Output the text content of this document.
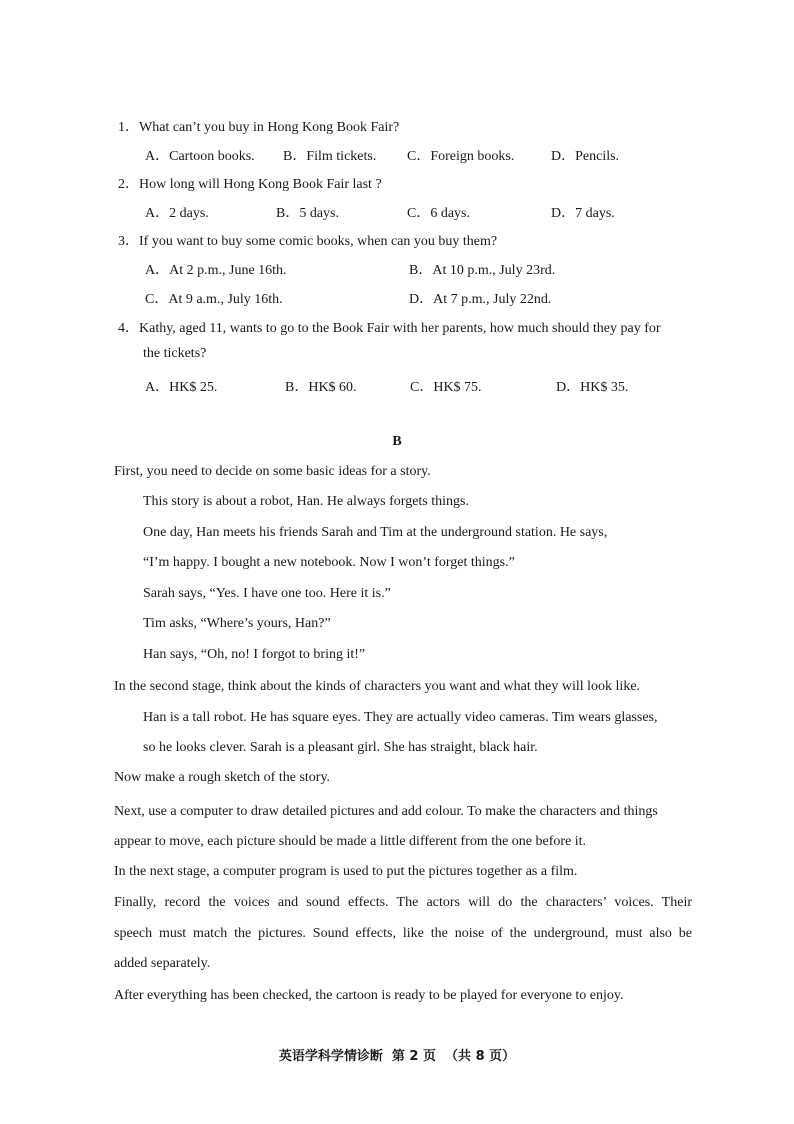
1．What can’t you buy in Hong Kong Book Fair?
A．Cartoon books. B．Film tickets. C．Foreign books.	D．Pencils.
2．How long will Hong Kong Book Fair last ?
A．2 days.	B．5 days.	C．6 days.	D．7 days.
3．If you want to buy some comic books, when can you buy them?
A．At 2 p.m., June 16th.	B．At 10 p.m., July 23rd.
C．At 9 a.m., July 16th.	D．At 7 p.m., July 22nd.
4．Kathy, aged 11, wants to go to the Book Fair with her parents, how much should they pay for
the tickets?
A．HK$ 25.	B．HK$ 60.	C．HK$ 75.	D．HK$ 35.
B
First, you need to decide on some basic ideas for a story.
This story is about a robot, Han. He always forgets things.
One day, Han meets his friends Sarah and Tim at the underground station. He says,
“I’m happy. I bought a new notebook. Now I won’t forget things.”
Sarah says, “Yes. I have one too. Here it is.”
Tim asks, “Where’s yours, Han?”
Han says, “Oh, no! I forgot to bring it!”
In the second stage, think about the kinds of characters you want and what they will look like.
Han is a tall robot. He has square eyes. They are actually video cameras. Tim wears glasses,
so he looks clever. Sarah is a pleasant girl. She has straight, black hair.
Now make a rough sketch of the story.
Next, use a computer to draw detailed pictures and add colour. To make the characters and things
appear to move, each picture should be made a little different from the one before it.
In the next stage, a computer program is used to put the pictures together as a film.
Finally, record the voices and sound effects. The actors will do the characters’ voices. Their
speech must match the pictures. Sound effects, like the noise of the underground, must also be
added separately.
After everything has been checked, the cartoon is ready to be played for everyone to enjoy.
英语学科学情诊断  第 2 页  （共 8 页）
